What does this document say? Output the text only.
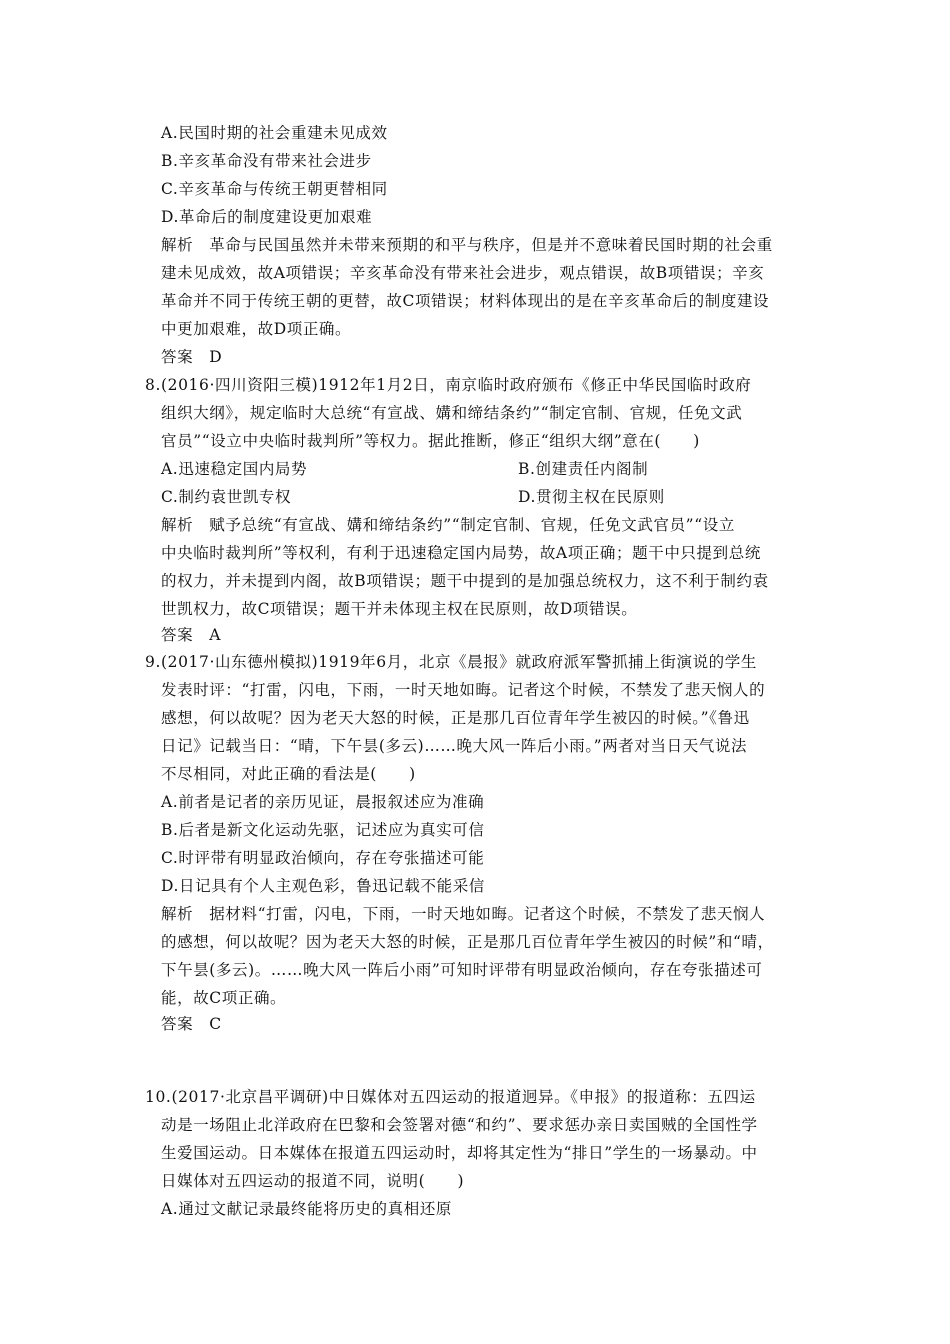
A.民国时期的社会重建未见成效
B.辛亥革命没有带来社会进步
C.辛亥革命与传统王朝更替相同
D.革命后的制度建设更加艰难
解析　革命与民国虽然并未带来预期的和平与秩序，但是并不意味着民国时期的社会重
建未见成效，故A项错误；辛亥革命没有带来社会进步，观点错误，故B项错误；辛亥
革命并不同于传统王朝的更替，故C项错误；材料体现出的是在辛亥革命后的制度建设
中更加艰难，故D项正确。
答案　D
8.(2016·四川资阳三模)1912年1月2日，南京临时政府颁布《修正中华民国临时政府
组织大纲》，规定临时大总统“有宣战、媾和缔结条约”“制定官制、官规，任免文武
官员”“设立中央临时裁判所”等权力。据此推断，修正“组织大纲”意在(　　)
A.迅速稳定国内局势	B.创建责任内阁制
C.制约袁世凯专权	D.贯彻主权在民原则
解析　赋予总统“有宣战、媾和缔结条约”“制定官制、官规，任免文武官员”“设立
中央临时裁判所”等权利，有利于迅速稳定国内局势，故A项正确；题干中只提到总统
的权力，并未提到内阁，故B项错误；题干中提到的是加强总统权力，这不利于制约袁
世凯权力，故C项错误；题干并未体现主权在民原则，故D项错误。
答案　A
9.(2017·山东德州模拟)1919年6月，北京《晨报》就政府派军警抓捕上街演说的学生
发表时评：“打雷，闪电，下雨，一时天地如晦。记者这个时候，不禁发了悲天悯人的
感想，何以故呢？因为老天大怒的时候，正是那几百位青年学生被囚的时候。”《鲁迅
日记》记载当日：“晴，下午昙(多云)……晚大风一阵后小雨。”两者对当日天气说法
不尽相同，对此正确的看法是(　　)
A.前者是记者的亲历见证，晨报叙述应为准确
B.后者是新文化运动先驱，记述应为真实可信
C.时评带有明显政治倾向，存在夸张描述可能
D.日记具有个人主观色彩，鲁迅记载不能采信
解析　据材料“打雷，闪电，下雨，一时天地如晦。记者这个时候，不禁发了悲天悯人
的感想，何以故呢？因为老天大怒的时候，正是那几百位青年学生被囚的时候”和“晴，
下午昙(多云)。……晚大风一阵后小雨”可知时评带有明显政治倾向，存在夸张描述可
能，故C项正确。
答案　C
10.(2017·北京昌平调研)中日媒体对五四运动的报道迥异。《申报》的报道称：五四运
动是一场阻止北洋政府在巴黎和会签署对德“和约”、要求惩办亲日卖国贼的全国性学
生爱国运动。日本媒体在报道五四运动时，却将其定性为“排日”学生的一场暴动。中
日媒体对五四运动的报道不同，说明(　　)
A.通过文献记录最终能将历史的真相还原
